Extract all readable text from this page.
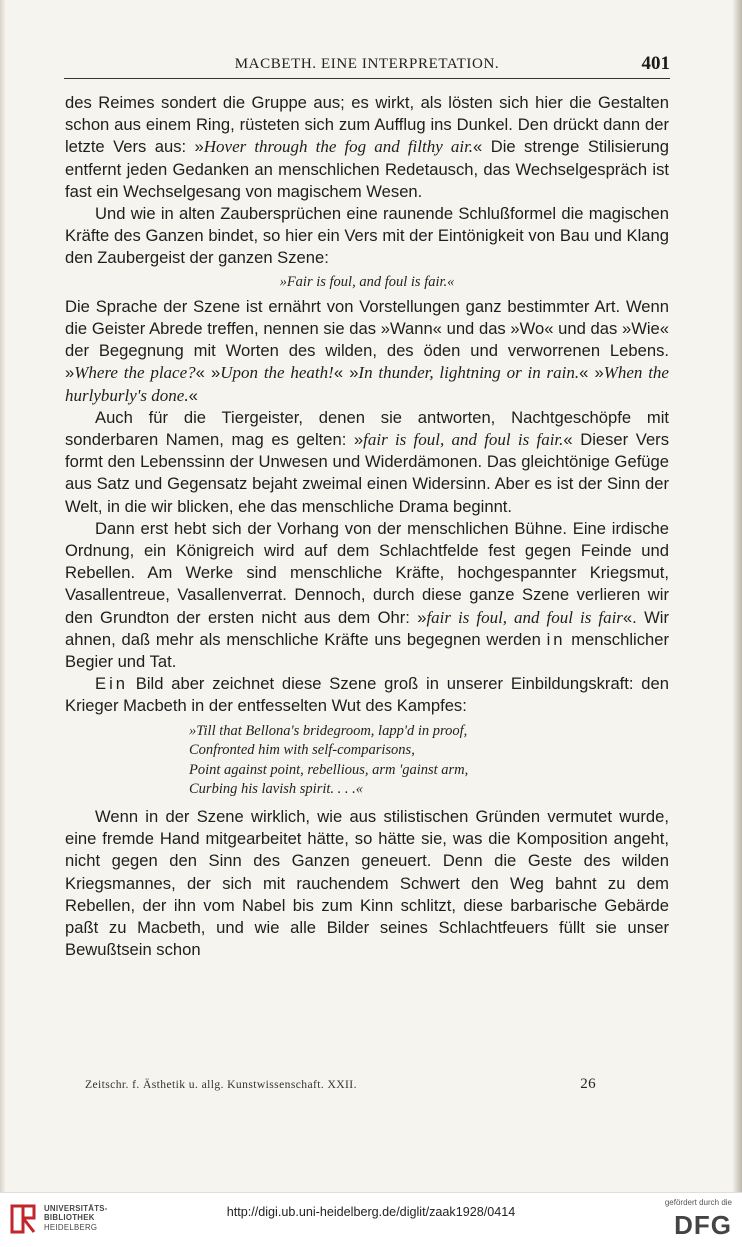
MACBETH. EINE INTERPRETATION.	401

des Reimes sondert die Gruppe aus; es wirkt, als lösten sich hier die Gestalten schon aus einem Ring, rüsteten sich zum Aufflug ins Dunkel. Den drückt dann der letzte Vers aus: »Hover through the fog and filthy air.« Die strenge Stilisierung entfernt jeden Gedanken an menschlichen Redetausch, das Wechselgespräch ist fast ein Wechselgesang von magischem Wesen.

Und wie in alten Zaubersprüchen eine raunende Schlußformel die magischen Kräfte des Ganzen bindet, so hier ein Vers mit der Eintönigkeit von Bau und Klang den Zaubergeist der ganzen Szene:

»Fair is foul, and foul is fair.«

Die Sprache der Szene ist ernährt von Vorstellungen ganz bestimmter Art. Wenn die Geister Abrede treffen, nennen sie das »Wann« und das »Wo« und das »Wie« der Begegnung mit Worten des wilden, des öden und verworrenen Lebens. »Where the place?« »Upon the heath!« »In thunder, lightning or in rain.« »When the hurlyburly's done.«

Auch für die Tiergeister, denen sie antworten, Nachtgeschöpfe mit sonderbaren Namen, mag es gelten: »fair is foul, and foul is fair.« Dieser Vers formt den Lebenssinn der Unwesen und Widerdämonen. Das gleichtönige Gefüge aus Satz und Gegensatz bejaht zweimal einen Widersinn. Aber es ist der Sinn der Welt, in die wir blicken, ehe das menschliche Drama beginnt.

Dann erst hebt sich der Vorhang von der menschlichen Bühne. Eine irdische Ordnung, ein Königreich wird auf dem Schlachtfelde fest gegen Feinde und Rebellen. Am Werke sind menschliche Kräfte, hochgespannter Kriegsmut, Vasallentreue, Vasallenverrat. Dennoch, durch diese ganze Szene verlieren wir den Grundton der ersten nicht aus dem Ohr: »fair is foul, and foul is fair«. Wir ahnen, daß mehr als menschliche Kräfte uns begegnen werden in menschlicher Begier und Tat.

Ein Bild aber zeichnet diese Szene groß in unserer Einbildungskraft: den Krieger Macbeth in der entfesselten Wut des Kampfes:

»Till that Bellona's bridegroom, lapp'd in proof,
Confronted him with self-comparisons,
Point against point, rebellious, arm 'gainst arm,
Curbing his lavish spirit. . . .«

Wenn in der Szene wirklich, wie aus stilistischen Gründen vermutet wurde, eine fremde Hand mitgearbeitet hätte, so hätte sie, was die Komposition angeht, nicht gegen den Sinn des Ganzen geneuert. Denn die Geste des wilden Kriegsmannes, der sich mit rauchendem Schwert den Weg bahnt zu dem Rebellen, der ihn vom Nabel bis zum Kinn schlitzt, diese barbarische Gebärde paßt zu Macbeth, und wie alle Bilder seines Schlachtfeuers füllt sie unser Bewußtsein schon

Zeitschr. f. Ästhetik u. allg. Kunstwissenschaft. XXII.	26
UNIVERSITÄTS-
BIBLIOTHEK
HEIDELBERG
http://digi.ub.uni-heidelberg.de/diglit/zaak1928/0414
gefördert durch die
DFG
